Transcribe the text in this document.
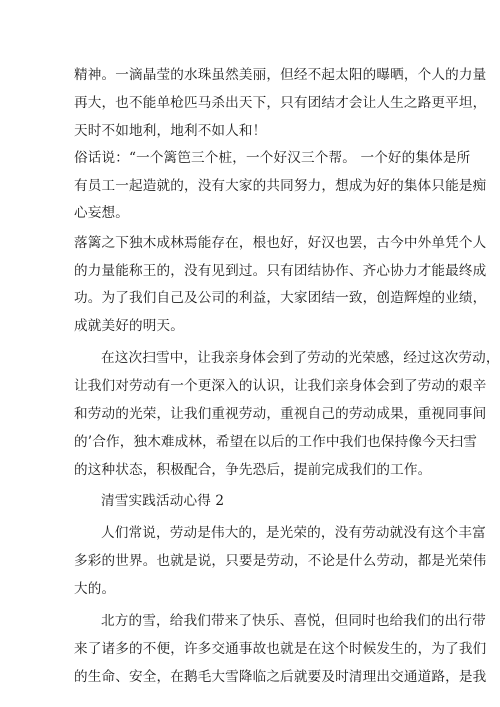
精神。一滴晶莹的水珠虽然美丽，但经不起太阳的曝晒，个人的力量
再大，也不能单枪匹马杀出天下，只有团结才会让人生之路更平坦，
天时不如地利，地利不如人和！
俗话说：“一个篱笆三个桩，一个好汉三个帮。 一个好的集体是所
有员工一起造就的，没有大家的共同努力，想成为好的集体只能是痴
心妄想。
落篱之下独木成林焉能存在，根也好，好汉也罢，古今中外单凭个人
的力量能称王的，没有见到过。只有团结协作、齐心协力才能最终成
功。为了我们自己及公司的利益，大家团结一致，创造辉煌的业绩，
成就美好的明天。
在这次扫雪中，让我亲身体会到了劳动的光荣感，经过这次劳动，
让我们对劳动有一个更深入的认识，让我们亲身体会到了劳动的艰辛
和劳动的光荣，让我们重视劳动，重视自己的劳动成果，重视同事间
的’合作，独木难成林，希望在以后的工作中我们也保持像今天扫雪
的这种状态，积极配合，争先恐后，提前完成我们的工作。
清雪实践活动心得 2
人们常说，劳动是伟大的，是光荣的，没有劳动就没有这个丰富
多彩的世界。也就是说，只要是劳动，不论是什么劳动，都是光荣伟
大的。
北方的雪，给我们带来了快乐、喜悦，但同时也给我们的出行带
来了诸多的不便，许多交通事故也就是在这个时候发生的，为了我们
的生命、安全，在鹅毛大雪降临之后就要及时清理出交通道路，是我
